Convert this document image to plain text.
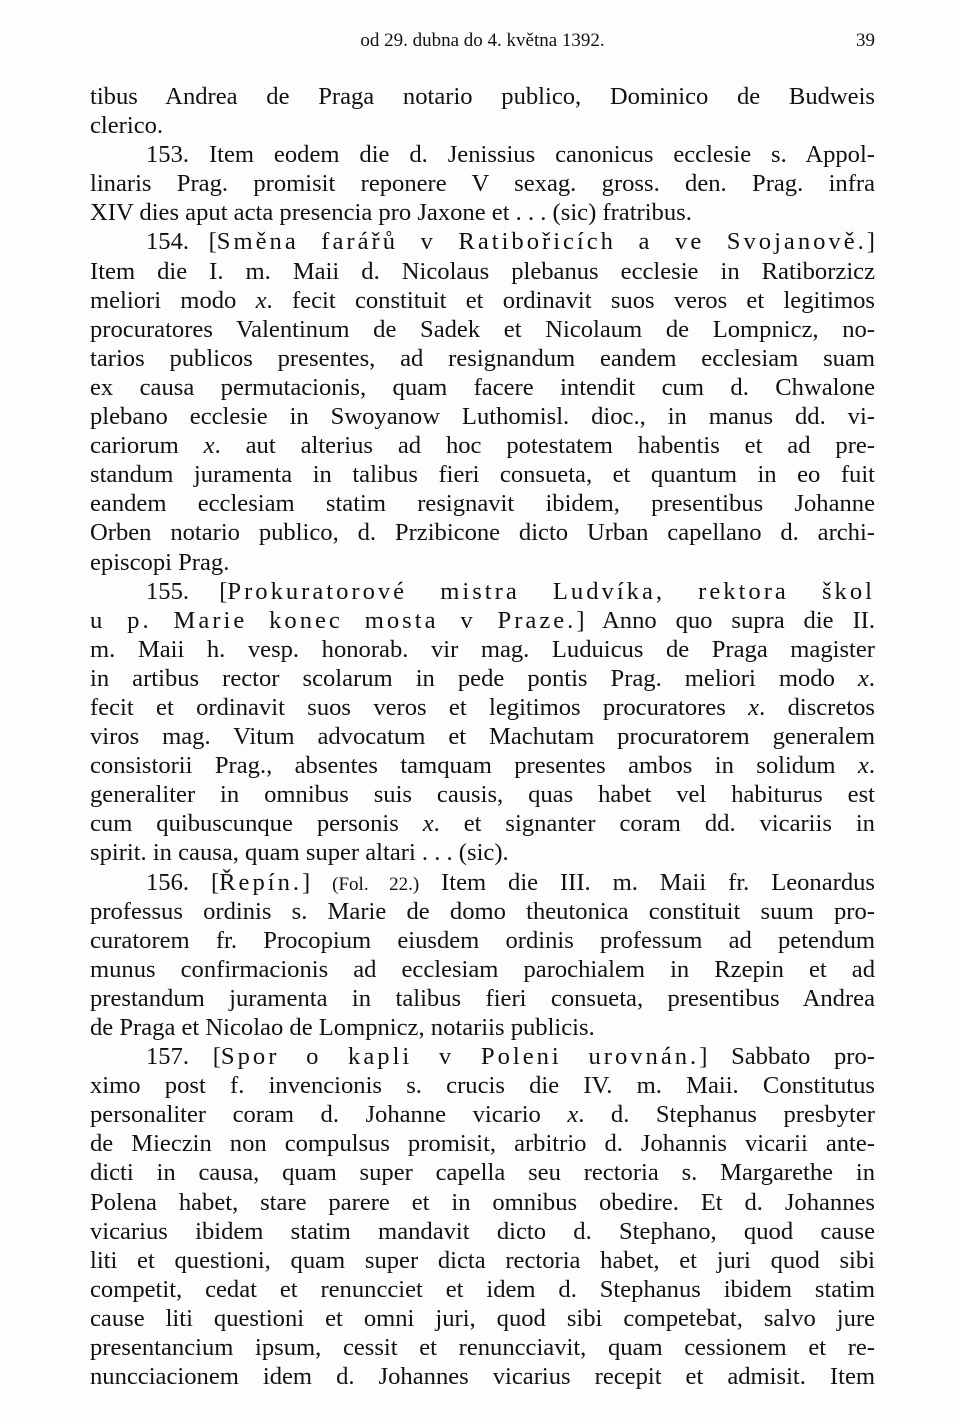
od 29. dubna do 4. května 1392.	39
tibus Andrea de Praga notario publico, Dominico de Budweis
clerico.
153. Item eodem die d. Jenissius canonicus ecclesie s. Appol-
linaris Prag. promisit reponere V sexag. gross. den. Prag. infra
XIV dies aput acta presencia pro Jaxone et . . . (sic) fratribus.
154. [Směna farářů v Ratibořicích a ve Svojanově.]
Item die I. m. Maii d. Nicolaus plebanus ecclesie in Ratiborzicz
meliori modo x. fecit constituit et ordinavit suos veros et legitimos
procuratores Valentinum de Sadek et Nicolaum de Lompnicz, no-
tarios publicos presentes, ad resignandum eandem ecclesiam suam
ex causa permutacionis, quam facere intendit cum d. Chwalone
plebano ecclesie in Swoyanow Luthomisl. dioc., in manus dd. vi-
cariorum x. aut alterius ad hoc potestatem habentis et ad pre-
standum juramenta in talibus fieri consueta, et quantum in eo fuit
eandem ecclesiam statim resignavit ibidem, presentibus Johanne
Orben notario publico, d. Przibicone dicto Urban capellano d. archi-
episcopi Prag.
155. [Prokuratorové mistra Ludvíka, rektora škol
u p. Marie konec mosta v Praze.] Anno quo supra die II.
m. Maii h. vesp. honorab. vir mag. Luduicus de Praga magister
in artibus rector scolarum in pede pontis Prag. meliori modo x.
fecit et ordinavit suos veros et legitimos procuratores x. discretos
viros mag. Vitum advocatum et Machutam procuratorem generalem
consistorii Prag., absentes tamquam presentes ambos in solidum x.
generaliter in omnibus suis causis, quas habet vel habiturus est
cum quibuscunque personis x. et signanter coram dd. vicariis in
spirit. in causa, quam super altari . . . (sic).
156. [Řepín.] (Fol. 22.) Item die III. m. Maii fr. Leonardus
professus ordinis s. Marie de domo theutonica constituit suum pro-
curatorem fr. Procopium eiusdem ordinis professum ad petendum
munus confirmacionis ad ecclesiam parochialem in Rzepin et ad
prestandum juramenta in talibus fieri consueta, presentibus Andrea
de Praga et Nicolao de Lompnicz, notariis publicis.
157. [Spor o kapli v Poleni urovnán.] Sabbato pro-
ximo post f. invencionis s. crucis die IV. m. Maii. Constitutus
personaliter coram d. Johanne vicario x. d. Stephanus presbyter
de Mieczin non compulsus promisit, arbitrio d. Johannis vicarii ante-
dicti in causa, quam super capella seu rectoria s. Margarethe in
Polena habet, stare parere et in omnibus obedire. Et d. Johannes
vicarius ibidem statim mandavit dicto d. Stephano, quod cause
liti et questioni, quam super dicta rectoria habet, et juri quod sibi
competit, cedat et renuncciet et idem d. Stephanus ibidem statim
cause liti questioni et omni juri, quod sibi competebat, salvo jure
presentancium ipsum, cessit et renuncciavit, quam cessionem et re-
nuncciacionem idem d. Johannes vicarius recepit et admisit. Item
